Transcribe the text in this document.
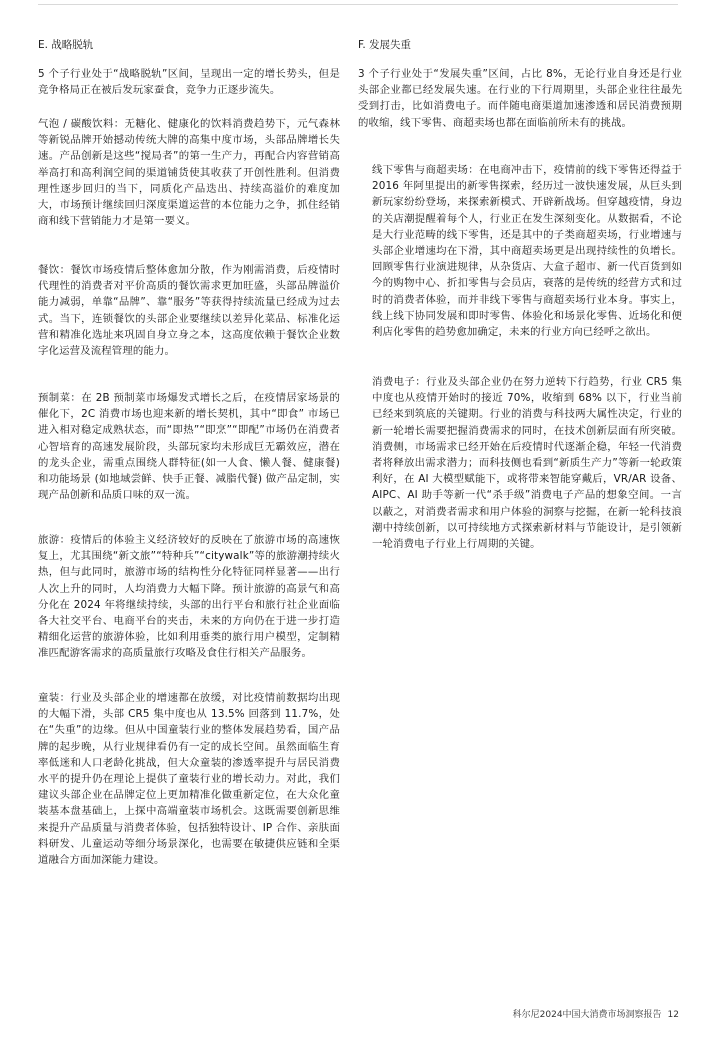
E. 战略脱轨

5 个子行业处于“战略脱轨”区间，呈现出一定的增长势头，但是竞争格局正在被后发玩家蚕食，竞争力正逐步流失。

气泡 / 碳酸饮料：无糖化、健康化的饮料消费趋势下，元气森林等新锐品牌开始撼动传统大牌的高集中度市场，头部品牌增长失速。产品创新是这些“搅局者”的第一生产力，再配合内容营销高举高打和高利润空间的渠道铺货使其收获了开创性胜利。但消费理性逐步回归的当下，同质化产品迭出、持续高溢价的难度加大，市场预计继续回归深度渠道运营的本位能力之争，抓住经销商和线下营销能力才是第一要义。

餐饮：餐饮市场疫情后整体愈加分散，作为刚需消费，后疫情时代理性的消费者对平价高质的餐饮需求更加旺盛，头部品牌溢价能力减弱，单靠“品牌”、靠“服务”等获得持续流量已经成为过去式。当下，连锁餐饮的头部企业要继续以差异化菜品、标准化运营和精准化选址来巩固自身立身之本，这高度依赖于餐饮企业数字化运营及流程管理的能力。

预制菜：在 2B 预制菜市场爆发式增长之后，在疫情居家场景的催化下，2C 消费市场也迎来新的增长契机，其中“即食” 市场已进入相对稳定成熟状态，而“即热”“即烹”“即配”市场仍在消费者心智培育的高速发展阶段，头部玩家均未形成巨无霸效应，潜在的龙头企业，需重点围绕人群特征(如一人食、懒人餐、健康餐) 和功能场景 (如地域尝鲜、快手正餐、减脂代餐) 做产品定制，实现产品创新和品质口味的双一流。

旅游：疫情后的体验主义经济较好的反映在了旅游市场的高速恢复上，尤其围绕“新文旅”“特种兵”“citywalk”等的旅游潮持续火热，但与此同时，旅游市场的结构性分化特征同样显著——出行人次上升的同时，人均消费力大幅下降。预计旅游的高景气和高分化在 2024 年将继续持续，头部的出行平台和旅行社企业面临各大社交平台、电商平台的夹击，未来的方向仍在于进一步打造精细化运营的旅游体验，比如利用垂类的旅行用户模型，定制精准匹配游客需求的高质量旅行攻略及食住行相关产品服务。

童装：行业及头部企业的增速都在放缓，对比疫情前数据均出现的大幅下滑，头部 CR5 集中度也从 13.5% 回落到 11.7%，处在“失重”的边缘。但从中国童装行业的整体发展趋势看，国产品牌的起步晚，从行业规律看仍有一定的成长空间。虽然面临生育率低迷和人口老龄化挑战，但大众童装的渗透率提升与居民消费水平的提升仍在理论上提供了童装行业的增长动力。对此，我们建议头部企业在品牌定位上更加精准化做重新定位，在大众化童装基本盘基础上，上探中高端童装市场机会。这既需要创新思维来提升产品质量与消费者体验，包括独特设计、IP 合作、亲肤面料研发、儿童运动等细分场景深化，也需要在敏捷供应链和全渠道融合方面加深能力建设。

F. 发展失重

3 个子行业处于“发展失重”区间，占比 8%，无论行业自身还是行业头部企业都已经发展失速。在行业的下行周期里，头部企业往往最先受到打击，比如消费电子。而伴随电商渠道加速渗透和居民消费预期的收缩，线下零售、商超卖场也都在面临前所未有的挑战。

线下零售与商超卖场：在电商冲击下，疫情前的线下零售还得益于 2016 年阿里提出的新零售探索，经历过一波快速发展，从巨头到新玩家纷纷登场，来探索新模式、开辟新战场。但穿越疫情，身边的关店潮提醒着每个人，行业正在发生深刻变化。从数据看，不论是大行业范畴的线下零售，还是其中的子类商超卖场，行业增速与头部企业增速均在下滑，其中商超卖场更是出现持续性的负增长。回顾零售行业演进规律，从杂货店、大盒子超市、新一代百货到如今的购物中心、折扣零售与会员店，衰落的是传统的经营方式和过时的消费者体验，而并非线下零售与商超卖场行业本身。事实上，线上线下协同发展和即时零售、体验化和场景化零售、近场化和便利店化零售的趋势愈加确定，未来的行业方向已经呼之欲出。

消费电子：行业及头部企业仍在努力逆转下行趋势，行业 CR5 集中度也从疫情开始时的接近 70%，收缩到 68% 以下，行业当前已经来到筑底的关键期。行业的消费与科技两大属性决定，行业的新一轮增长需要把握消费需求的同时，在技术创新层面有所突破。消费侧，市场需求已经开始在后疫情时代逐渐企稳，年轻一代消费者将释放出需求潜力；而科技侧也看到“新质生产力”等新一轮政策利好，在 AI 大模型赋能下，或将带来智能穿戴后，VR/AR 设备、AIPC、AI 助手等新一代“杀手级”消费电子产品的想象空间。一言以蔽之，对消费者需求和用户体验的洞察与挖掘，在新一轮科技浪潮中持续创新，以可持续地方式探索新材料与节能设计，是引领新一轮消费电子行业上行周期的关键。

科尔尼2024中国大消费市场洞察报告 12
